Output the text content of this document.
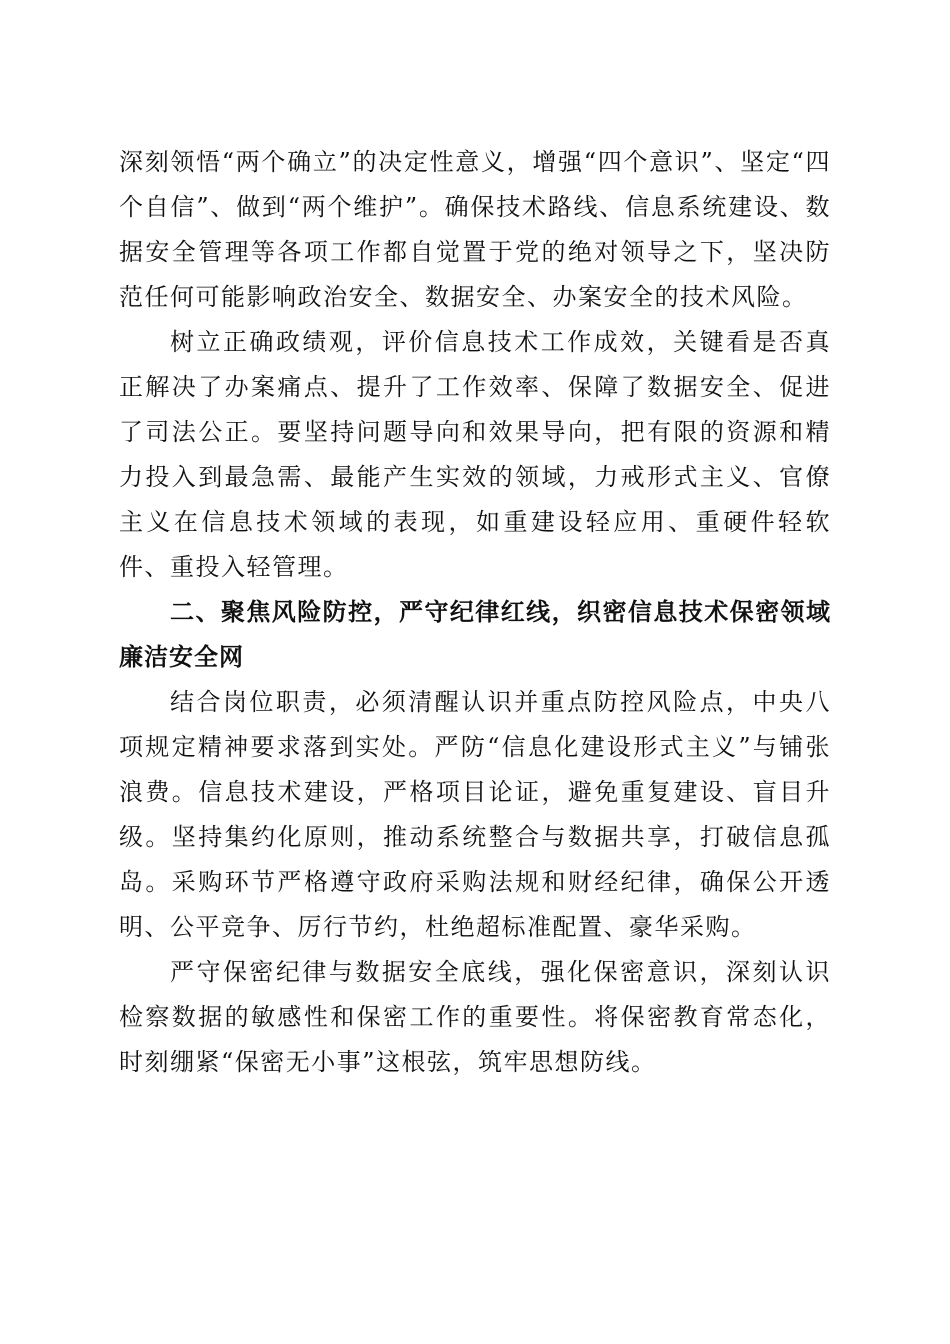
深刻领悟“两个确立”的决定性意义，增强“四个意识”、坚定“四个自信”、做到“两个维护”。确保技术路线、信息系统建设、数据安全管理等各项工作都自觉置于党的绝对领导之下，坚决防范任何可能影响政治安全、数据安全、办案安全的技术风险。

树立正确政绩观，评价信息技术工作成效，关键看是否真正解决了办案痛点、提升了工作效率、保障了数据安全、促进了司法公正。要坚持问题导向和效果导向，把有限的资源和精力投入到最急需、最能产生实效的领域，力戒形式主义、官僚主义在信息技术领域的表现，如重建设轻应用、重硬件轻软件、重投入轻管理。

二、聚焦风险防控，严守纪律红线，织密信息技术保密领域廉洁安全网

结合岗位职责，必须清醒认识并重点防控风险点，中央八项规定精神要求落到实处。严防“信息化建设形式主义”与铺张浪费。信息技术建设，严格项目论证，避免重复建设、盲目升级。坚持集约化原则，推动系统整合与数据共享，打破信息孤岛。采购环节严格遵守政府采购法规和财经纪律，确保公开透明、公平竞争、厉行节约，杜绝超标准配置、豪华采购。

严守保密纪律与数据安全底线，强化保密意识，深刻认识检察数据的敏感性和保密工作的重要性。将保密教育常态化，时刻绷紧“保密无小事”这根弦，筑牢思想防线。
